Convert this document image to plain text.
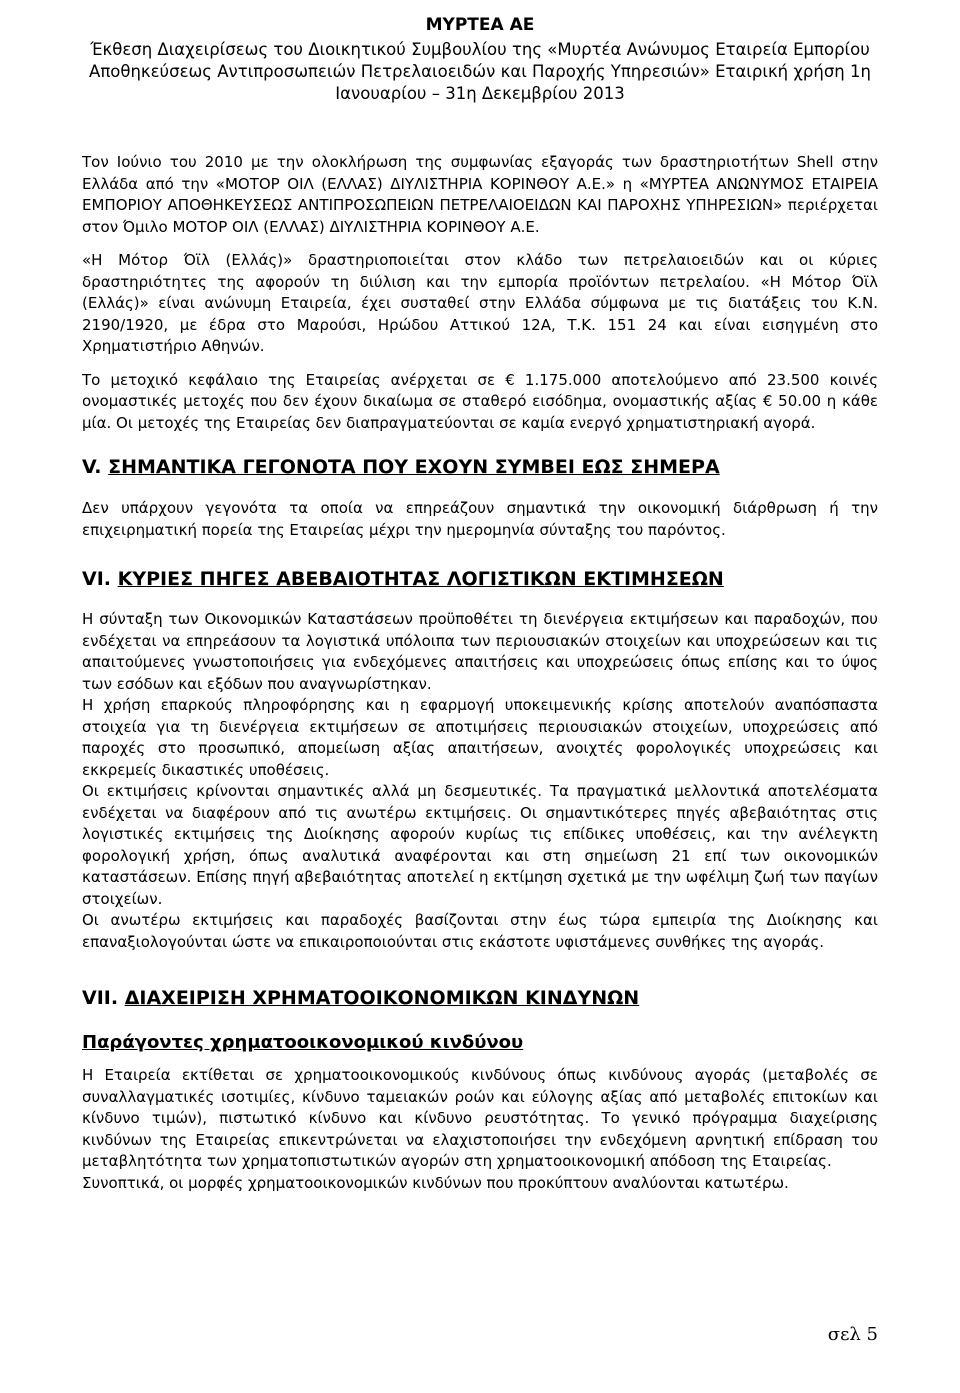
ΜΥΡΤΕΑ ΑΕ
Έκθεση Διαχειρίσεως του Διοικητικού Συμβουλίου της «Μυρτέα Ανώνυμος Εταιρεία Εμπορίου
Αποθηκεύσεως Αντιπροσωπειών Πετρελαιοειδών και Παροχής Υπηρεσιών» Εταιρική χρήση 1η
Ιανουαρίου – 31η Δεκεμβρίου 2013

Τον Ιούνιο του 2010 με την ολοκλήρωση της συμφωνίας εξαγοράς των δραστηριοτήτων Shell στην Ελλάδα από την «ΜΟΤΟΡ ΟΙΛ (ΕΛΛΑΣ) ΔΙΥΛΙΣΤΗΡΙΑ ΚΟΡΙΝΘΟΥ Α.Ε.» η «ΜΥΡΤΕΑ ΑΝΩΝΥΜΟΣ ΕΤΑΙΡΕΙΑ ΕΜΠΟΡΙΟΥ ΑΠΟΘΗΚΕΥΣΕΩΣ ΑΝΤΙΠΡΟΣΩΠΕΙΩΝ ΠΕΤΡΕΛΑΙΟΕΙΔΩΝ ΚΑΙ ΠΑΡΟΧΗΣ ΥΠΗΡΕΣΙΩΝ» περιέρχεται στον Όμιλο ΜΟΤΟΡ ΟΙΛ (ΕΛΛΑΣ) ΔΙΥΛΙΣΤΗΡΙΑ ΚΟΡΙΝΘΟΥ Α.Ε.

«Η Μότορ Όϊλ (Ελλάς)» δραστηριοποιείται στον κλάδο των πετρελαιοειδών και οι κύριες δραστηριότητες της αφορούν τη διύλιση και την εμπορία προϊόντων πετρελαίου. «Η Μότορ Όϊλ (Ελλάς)» είναι ανώνυμη Εταιρεία, έχει συσταθεί στην Ελλάδα σύμφωνα με τις διατάξεις του Κ.Ν. 2190/1920, με έδρα στο Μαρούσι, Ηρώδου Αττικού 12Α, Τ.Κ. 151 24 και είναι εισηγμένη στο Χρηματιστήριο Αθηνών.

Το μετοχικό κεφάλαιο της Εταιρείας ανέρχεται σε € 1.175.000 αποτελούμενο από 23.500 κοινές ονομαστικές μετοχές που δεν έχουν δικαίωμα σε σταθερό εισόδημα, ονομαστικής αξίας € 50.00 η κάθε μία. Οι μετοχές της Εταιρείας δεν διαπραγματεύονται σε καμία ενεργό χρηματιστηριακή αγορά.

V. ΣΗΜΑΝΤΙΚΑ ΓΕΓΟΝΟΤΑ ΠΟΥ ΕΧΟΥΝ ΣΥΜΒΕΙ ΕΩΣ ΣΗΜΕΡΑ

Δεν υπάρχουν γεγονότα τα οποία να επηρεάζουν σημαντικά την οικονομική διάρθρωση ή την επιχειρηματική πορεία της Εταιρείας μέχρι την ημερομηνία σύνταξης του παρόντος.

VI. ΚΥΡΙΕΣ ΠΗΓΕΣ ΑΒΕΒΑΙΟΤΗΤΑΣ ΛΟΓΙΣΤΙΚΩΝ ΕΚΤΙΜΗΣΕΩΝ

Η σύνταξη των Οικονομικών Καταστάσεων προϋποθέτει τη διενέργεια εκτιμήσεων και παραδοχών, που ενδέχεται να επηρεάσουν τα λογιστικά υπόλοιπα των περιουσιακών στοιχείων και υποχρεώσεων και τις απαιτούμενες γνωστοποιήσεις για ενδεχόμενες απαιτήσεις και υποχρεώσεις όπως επίσης και το ύψος των εσόδων και εξόδων που αναγνωρίστηκαν.

Η χρήση επαρκούς πληροφόρησης και η εφαρμογή υποκειμενικής κρίσης αποτελούν αναπόσπαστα στοιχεία για τη διενέργεια εκτιμήσεων σε αποτιμήσεις περιουσιακών στοιχείων, υποχρεώσεις από παροχές στο προσωπικό, απομείωση αξίας απαιτήσεων, ανοιχτές φορολογικές υποχρεώσεις και εκκρεμείς δικαστικές υποθέσεις.

Οι εκτιμήσεις κρίνονται σημαντικές αλλά μη δεσμευτικές. Τα πραγματικά μελλοντικά αποτελέσματα ενδέχεται να διαφέρουν από τις ανωτέρω εκτιμήσεις. Οι σημαντικότερες πηγές αβεβαιότητας στις λογιστικές εκτιμήσεις της Διοίκησης αφορούν κυρίως τις επίδικες υποθέσεις, και την ανέλεγκτη φορολογική χρήση, όπως αναλυτικά αναφέρονται και στη σημείωση 21 επί των οικονομικών καταστάσεων. Επίσης πηγή αβεβαιότητας αποτελεί η εκτίμηση σχετικά με την ωφέλιμη ζωή των παγίων στοιχείων.

Οι ανωτέρω εκτιμήσεις και παραδοχές βασίζονται στην έως τώρα εμπειρία της Διοίκησης και επαναξιολογούνται ώστε να επικαιροποιούνται στις εκάστοτε υφιστάμενες συνθήκες της αγοράς.

VII. ΔΙΑΧΕΙΡΙΣΗ ΧΡΗΜΑΤΟΟΙΚΟΝΟΜΙΚΩΝ ΚΙΝΔΥΝΩΝ
Παράγοντες χρηματοοικονομικού κινδύνου

Η Εταιρεία εκτίθεται σε χρηματοοικονομικούς κινδύνους όπως κινδύνους αγοράς (μεταβολές σε συναλλαγματικές ισοτιμίες, κίνδυνο ταμειακών ροών και εύλογης αξίας από μεταβολές επιτοκίων και κίνδυνο τιμών), πιστωτικό κίνδυνο και κίνδυνο ρευστότητας. Το γενικό πρόγραμμα διαχείρισης κινδύνων της Εταιρείας επικεντρώνεται να ελαχιστοποιήσει την ενδεχόμενη αρνητική επίδραση του μεταβλητότητα των χρηματοπιστωτικών αγορών στη χρηματοοικονομική απόδοση της Εταιρείας.

Συνοπτικά, οι μορφές χρηματοοικονομικών κινδύνων που προκύπτουν αναλύονται κατωτέρω.

σελ 5
